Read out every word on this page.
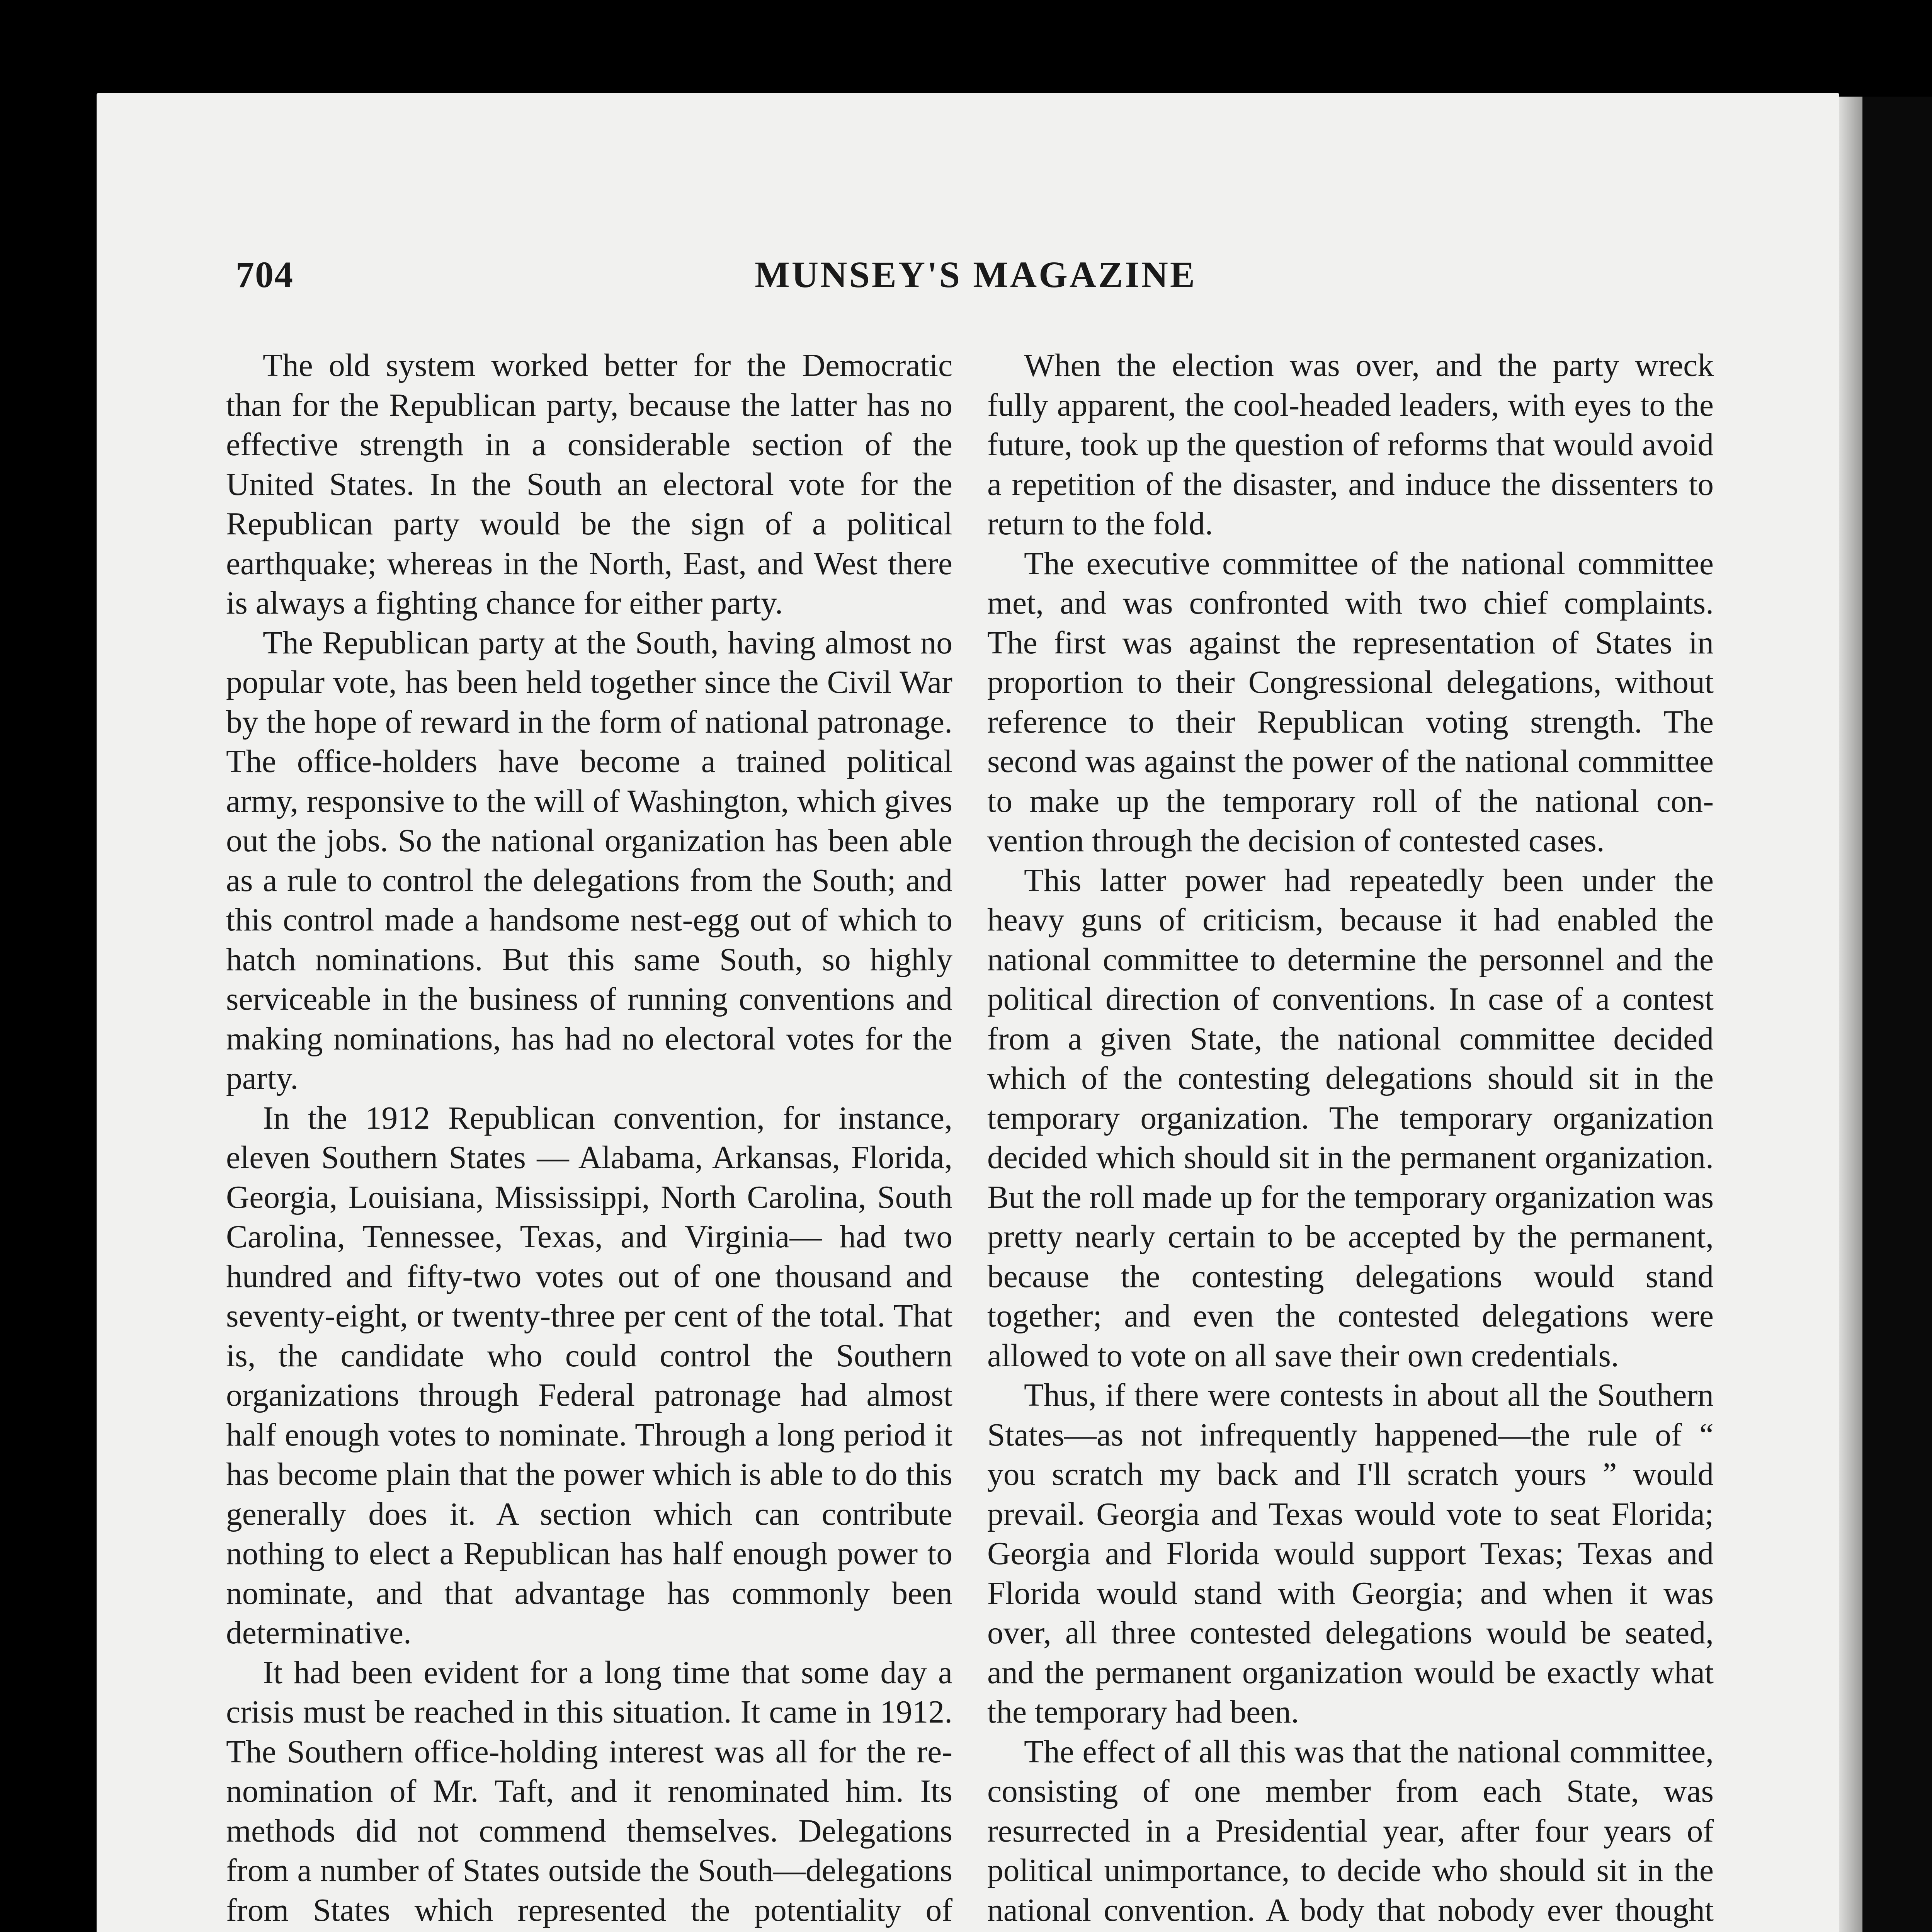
704	MUNSEY'S MAGAZINE

The old system worked better for the Democratic than for the Republican party, because the latter has no effective strength in a considerable section of the United States. In the South an electoral vote for the Republican party would be the sign of a political earthquake; whereas in the North, East, and West there is always a fighting chance for either party.

The Republican party at the South, having almost no popular vote, has been held together since the Civil War by the hope of reward in the form of national patronage. The office-holders have become a trained political army, responsive to the will of Washington, which gives out the jobs. So the national organization has been able as a rule to control the delegations from the South; and this control made a handsome nest-egg out of which to hatch nominations. But this same South, so highly serviceable in the business of running conventions and making nominations, has had no electoral votes for the party.

In the 1912 Republican convention, for instance, eleven Southern States — Alabama, Arkansas, Florida, Georgia, Louisiana, Mississippi, North Carolina, South Carolina, Tennessee, Texas, and Virginia— had two hundred and fifty-two votes out of one thousand and seventy-eight, or twenty-three per cent of the total. That is, the candidate who could control the Southern organizations through Federal patronage had almost half enough votes to nominate. Through a long period it has become plain that the power which is able to do this generally does it. A section which can contribute nothing to elect a Republican has half enough power to nominate, and that advantage has commonly been determinative.

It had been evident for a long time that some day a crisis must be reached in this situation. It came in 1912. The Southern office-holding interest was all for the renomination of Mr. Taft, and it renominated him. Its methods did not commend themselves. Delegations from a number of States outside the South—delegations from States which represented the potentiality of

When the election was over, and the party wreck fully apparent, the cool-headed leaders, with eyes to the future, took up the question of reforms that would avoid a repetition of the disaster, and induce the dissenters to return to the fold.

The executive committee of the national committee met, and was confronted with two chief complaints. The first was against the representation of States in proportion to their Congressional delegations, without reference to their Republican voting strength. The second was against the power of the national committee to make up the temporary roll of the national convention through the decision of contested cases.

This latter power had repeatedly been under the heavy guns of criticism, because it had enabled the national committee to determine the personnel and the political direction of conventions. In case of a contest from a given State, the national committee decided which of the contesting delegations should sit in the temporary organization. The temporary organization decided which should sit in the permanent organization. But the roll made up for the temporary organization was pretty nearly certain to be accepted by the permanent, because the contesting delegations would stand together; and even the contested delegations were allowed to vote on all save their own credentials.

Thus, if there were contests in about all the Southern States—as not infrequently happened—the rule of “ you scratch my back and I'll scratch yours ” would prevail. Georgia and Texas would vote to seat Florida; Georgia and Florida would support Texas; Texas and Florida would stand with Georgia; and when it was over, all three contested delegations would be seated, and the permanent organization would be exactly what the temporary had been.

The effect of all this was that the national committee, consisting of one member from each State, was resurrected in a Presidential year, after four years of political unimportance, to decide who should sit in the national convention. A body that nobody ever thought
